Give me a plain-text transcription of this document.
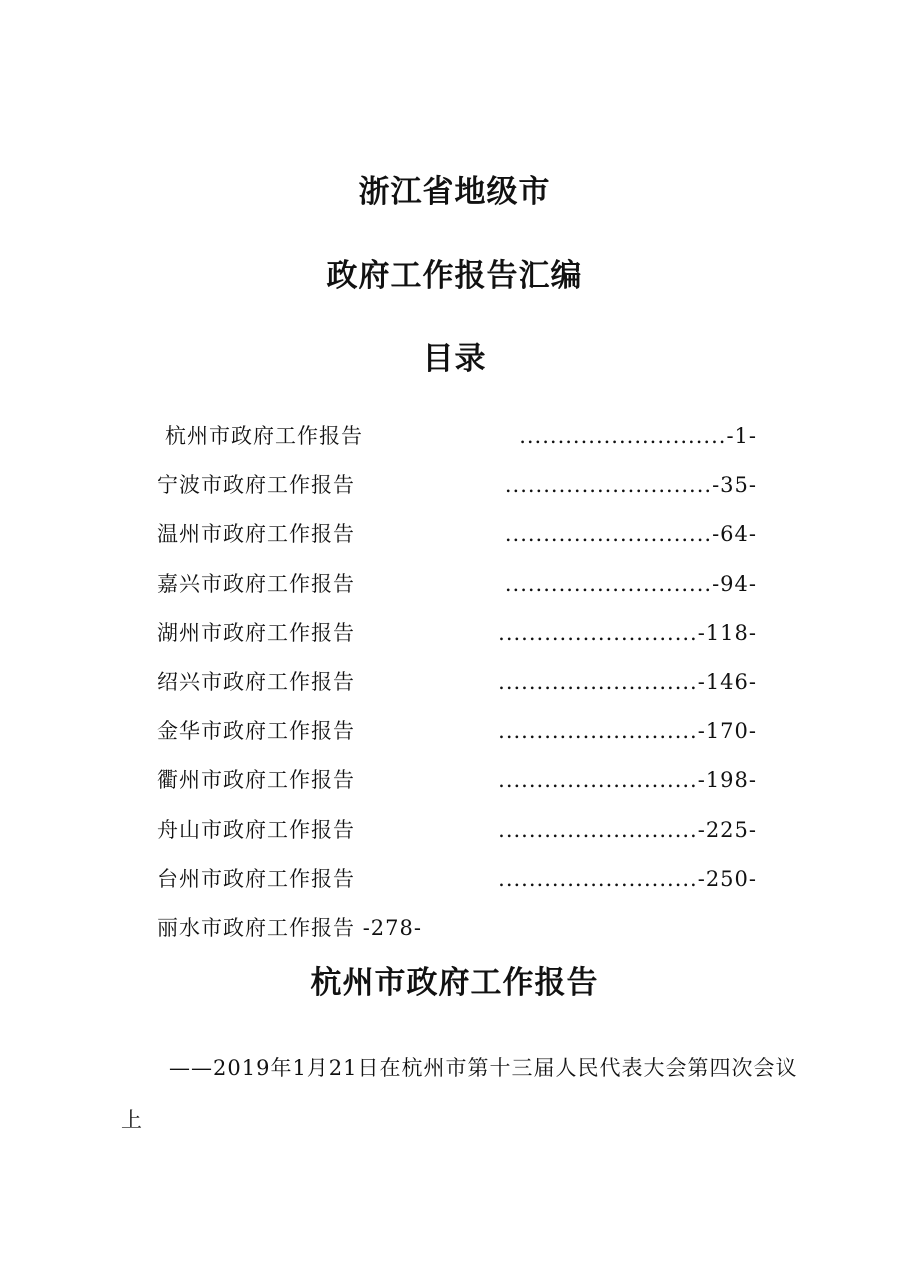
浙江省地级市
政府工作报告汇编
目录
杭州市政府工作报告	...........................-1-
宁波市政府工作报告	...........................-35-
温州市政府工作报告	...........................-64-
嘉兴市政府工作报告	...........................-94-
湖州市政府工作报告	..........................-118-
绍兴市政府工作报告	..........................-146-
金华市政府工作报告	..........................-170-
衢州市政府工作报告	..........................-198-
舟山市政府工作报告	..........................-225-
台州市政府工作报告	..........................-250-
丽水市政府工作报告 -278-
杭州市政府工作报告
——2019年1月21日在杭州市第十三届人民代表大会第四次会议上
